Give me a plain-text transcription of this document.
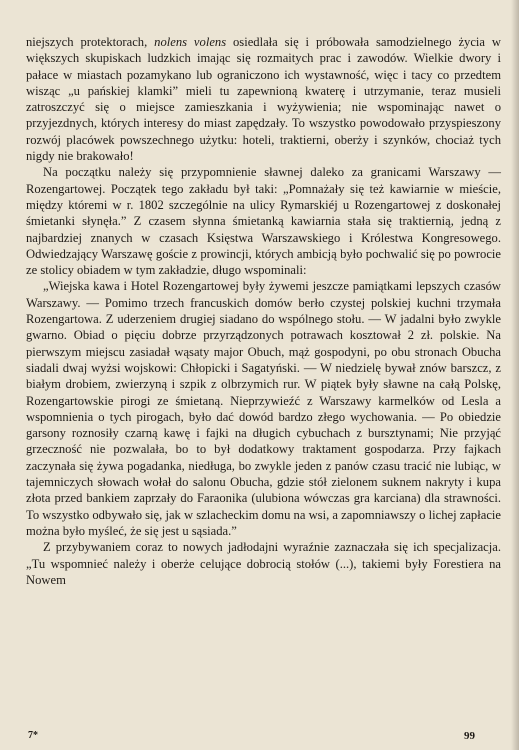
niejszych protektorach, nolens volens osiedlała się i próbowała samodzielnego życia w większych skupiskach ludzkich imając się rozmaitych prac i zawodów. Wielkie dwory i pałace w miastach pozamykano lub ograniczono ich wystawność, więc i tacy co przedtem wisząc „u pańskiej klamki” mieli tu zapewnioną kwaterę i utrzymanie, teraz musieli zatroszczyć się o miejsce zamieszkania i wyżywienia; nie wspominając nawet o przyjezdnych, których interesy do miast zapędzały. To wszystko powodowało przyspieszony rozwój placówek powszechnego użytku: hoteli, traktierni, oberży i szynków, chociaż tych nigdy nie brakowało!

Na początku należy się przypomnienie sławnej daleko za granicami Warszawy — Rozengartowej. Początek tego zakładu był taki: „Pomnażały się też kawiarnie w mieście, między któremi w r. 1802 szczególnie na ulicy Rymarskiéj u Rozengartowej z doskonałej śmietanki słynęła.” Z czasem słynna śmietanką kawiarnia stała się traktiernią, jedną z najbardziej znanych w czasach Księstwa Warszawskiego i Królestwa Kongresowego. Odwiedzający Warszawę goście z prowincji, których ambicją było pochwalić się po powrocie ze stolicy obiadem w tym zakładzie, długo wspominali:

„Wiejska kawa i Hotel Rozengartowej były żywemi jeszcze pamiątkami lepszych czasów Warszawy. — Pomimo trzech francuskich domów berło czystej polskiej kuchni trzymała Rozengartowa. Z uderzeniem drugiej siadano do wspólnego stołu. — W jadalni było zwykle gwarno. Obiad o pięciu dobrze przyrządzonych potrawach kosztował 2 zł. polskie. Na pierwszym miejscu zasiadał wąsaty major Obuch, mąż gospodyni, po obu stronach Obucha siadali dwaj wyżsi wojskowi: Chłopicki i Sagatyński. — W niedzielę bywał znów barszcz, z białym drobiem, zwierzyną i szpik z olbrzymich rur. W piątek były sławne na całą Polskę, Rozengartowskie pirogi ze śmietaną. Nieprzywieźć z Warszawy karmelków od Lesla a wspomnienia o tych pirogach, było dać dowód bardzo złego wychowania. — Po obiedzie garsony roznosiły czarną kawę i fajki na długich cybuchach z bursztynami; Nie przyjąć grzeczność nie pozwalała, bo to był dodatkowy traktament gospodarza. Przy fajkach zaczynała się żywa pogadanka, niedługa, bo zwykle jeden z panów czasu tracić nie lubiąc, w tajemniczych słowach wołał do salonu Obucha, gdzie stół zielonem suknem nakryty i kupa złota przed bankiem zaprzały do Faraonika (ulubiona wówczas gra karciana) dla strawności. To wszystko odbywało się, jak w szlacheckim domu na wsi, a zapomniawszy o lichej zapłacie można było myśleć, że się jest u sąsiada.”

Z przybywaniem coraz to nowych jadłodajni wyraźnie zaznaczała się ich specjalizacja. „Tu wspomnieć należy i oberże celujące dobrocią stołów (...), takiemi były Forestiera na Nowem

7*	99
